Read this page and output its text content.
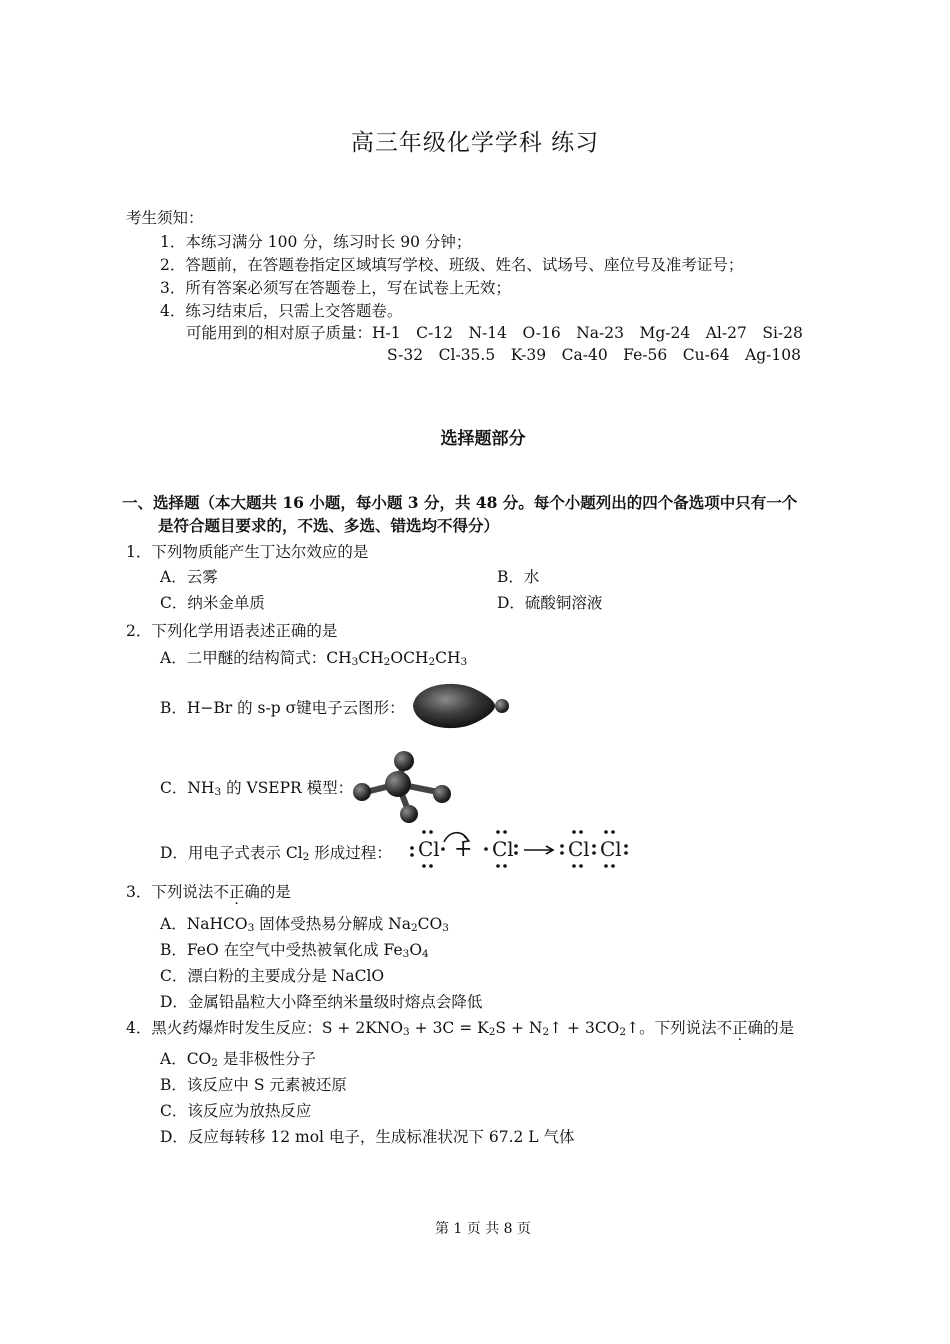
高三年级化学学科 练习
考生须知：
1．本练习满分 100 分，练习时长 90 分钟；
2．答题前，在答题卷指定区域填写学校、班级、姓名、试场号、座位号及准考证号；
3．所有答案必须写在答题卷上，写在试卷上无效；
4．练习结束后，只需上交答题卷。
可能用到的相对原子质量：H-1　C-12　N-14　O-16　Na-23　Mg-24　Al-27　Si-28
S-32　Cl-35.5　K-39　Ca-40　Fe-56　Cu-64　Ag-108
选择题部分
一、选择题（本大题共 16 小题，每小题 3 分，共 48 分。每个小题列出的四个备选项中只有一个
是符合题目要求的，不选、多选、错选均不得分）
1．下列物质能产生丁达尔效应的是
A．云雾	B．水
C．纳米金单质	D．硫酸铜溶液
2．下列化学用语表述正确的是
A．二甲醚的结构简式：$CH_3CH_2OCH_2CH_3$
B．H−Br 的 s-p σ键电子云图形：
C．$NH_3$ 的 VSEPR 模型：
D．用电子式表示 $Cl_2$ 形成过程： Cl + Cl	Cl Cl
3．下列说法不正确的是
A．NaHCO$_3$ 固体受热易分解成 $Na_2CO_3$
B．FeO 在空气中受热被氧化成 $Fe_3O_4$
C．漂白粉的主要成分是 NaClO
D．金属铅晶粒大小降至纳米量级时熔点会降低
4．黑火药爆炸时发生反应：$S + 2KNO_3 + 3C = K_2S$ + $N_2↑$ + $3CO_2↑$。下列说法不正确的是
A．$CO_2$ 是非极性分子
B．该反应中 S 元素被还原
C．该反应为放热反应
D．反应每转移 12 mol 电子，生成标准状况下 67.2 L 气体
第 1 页 共 8 页
